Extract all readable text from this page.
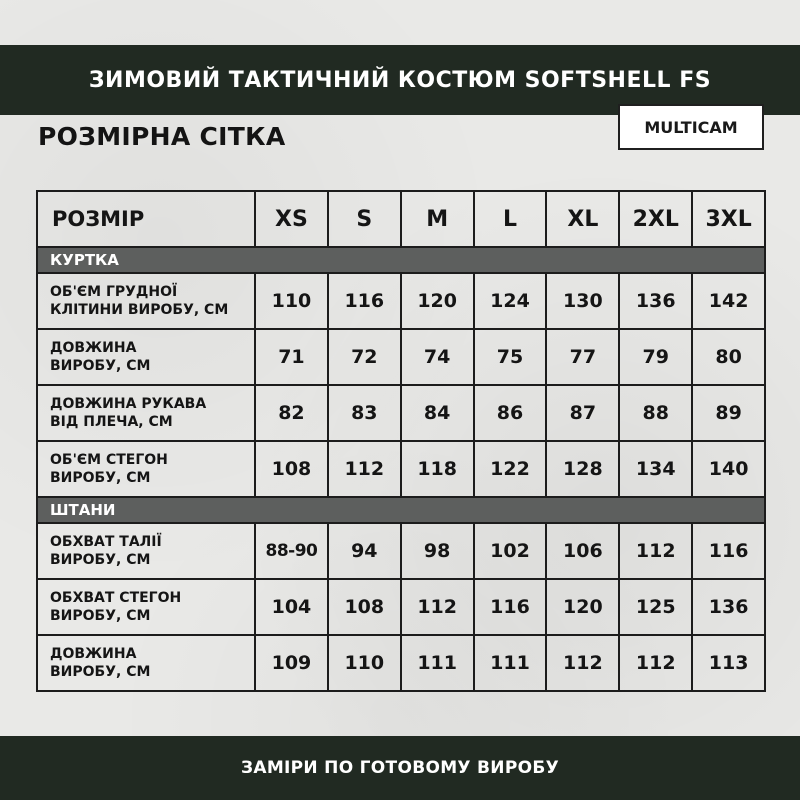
ЗИМОВИЙ ТАКТИЧНИЙ КОСТЮМ SOFTSHELL FS
РОЗМІРНА СІТКА	MULTICAM
РОЗМІР	XS	S	M	L	XL	2XL	3XL
КУРТКА							
ОБ'ЄМ ГРУДНОЇ
КЛІТИНИ ВИРОБУ, СМ	110	116	120	124	130	136	142
ДОВЖИНА
ВИРОБУ, СМ	71	72	74	75	77	79	80
ДОВЖИНА РУКАВА
ВІД ПЛЕЧА, СМ	82	83	84	86	87	88	89
ОБ'ЄМ СТЕГОН
ВИРОБУ, СМ	108	112	118	122	128	134	140
ШТАНИ							
ОБХВАТ ТАЛІЇ
ВИРОБУ, СМ	88-90	94	98	102	106	112	116
ОБХВАТ СТЕГОН
ВИРОБУ, СМ	104	108	112	116	120	125	136
ДОВЖИНА
ВИРОБУ, СМ	109	110	111	111	112	112	113
ЗАМІРИ ПО ГОТОВОМУ ВИРОБУ
